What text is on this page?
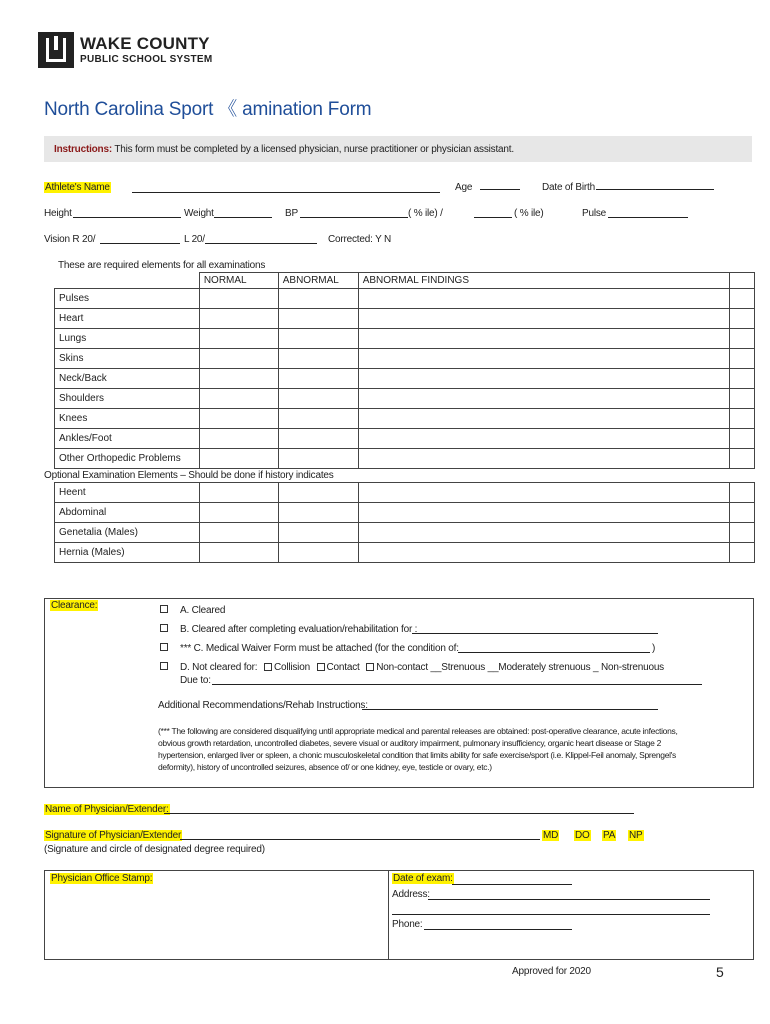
WAKE COUNTY
PUBLIC SCHOOL SYSTEM
North Carolina Sport 《 amination Form
Instructions: This form must be completed by a licensed physician, nurse practitioner or physician assistant.
Athlete's Name	Age	Date of Birth
Height	Weight	BP	( % ile) /	( % ile)	Pulse
Vision R 20/	L 20/	Corrected: Y N
These are required elements for all examinations
	NORMAL	ABNORMAL	ABNORMAL FINDINGS	
Pulses				
Heart				
Lungs				
Skins				
Neck/Back				
Shoulders				
Knees				
Ankles/Foot				
Other Orthopedic Problems				
Optional Examination Elements – Should be done if history indicates
Heent				
Abdominal				
Genetalia (Males)				
Hernia (Males)				
Clearance:	A. Cleared
B. Cleared after completing evaluation/rehabilitation for :
*** C. Medical Waiver Form must be attached (for the condition of:	)
D. Not cleared for: Collision Contact Non-contact __Strenuous __Moderately strenuous _ Non-strenuous
Due to:
Additional Recommendations/Rehab Instructions:
(*** The following are considered disqualifying until appropriate medical and parental releases are obtained: post-operative clearance, acute infections,
obvious growth retardation, uncontrolled diabetes, severe visual or auditory impairment, pulmonary insufficiency, organic heart disease or Stage 2
hypertension, enlarged liver or spleen, a chonic musculoskeletal condition that limits ability for safe exercise/sport (i.e. Klippel-Feil anomaly, Sprengel's
deformity), history of uncontrolled seizures, absence of/ or one kidney, eye, testicle or ovary, etc.)
Name of Physician/Extender:
Signature of Physician/Extender	MD DO PA NP
(Signature and circle of designated degree required)
Physician Office Stamp:	Date of exam:
Address:
Phone:
Approved for 2020	5
